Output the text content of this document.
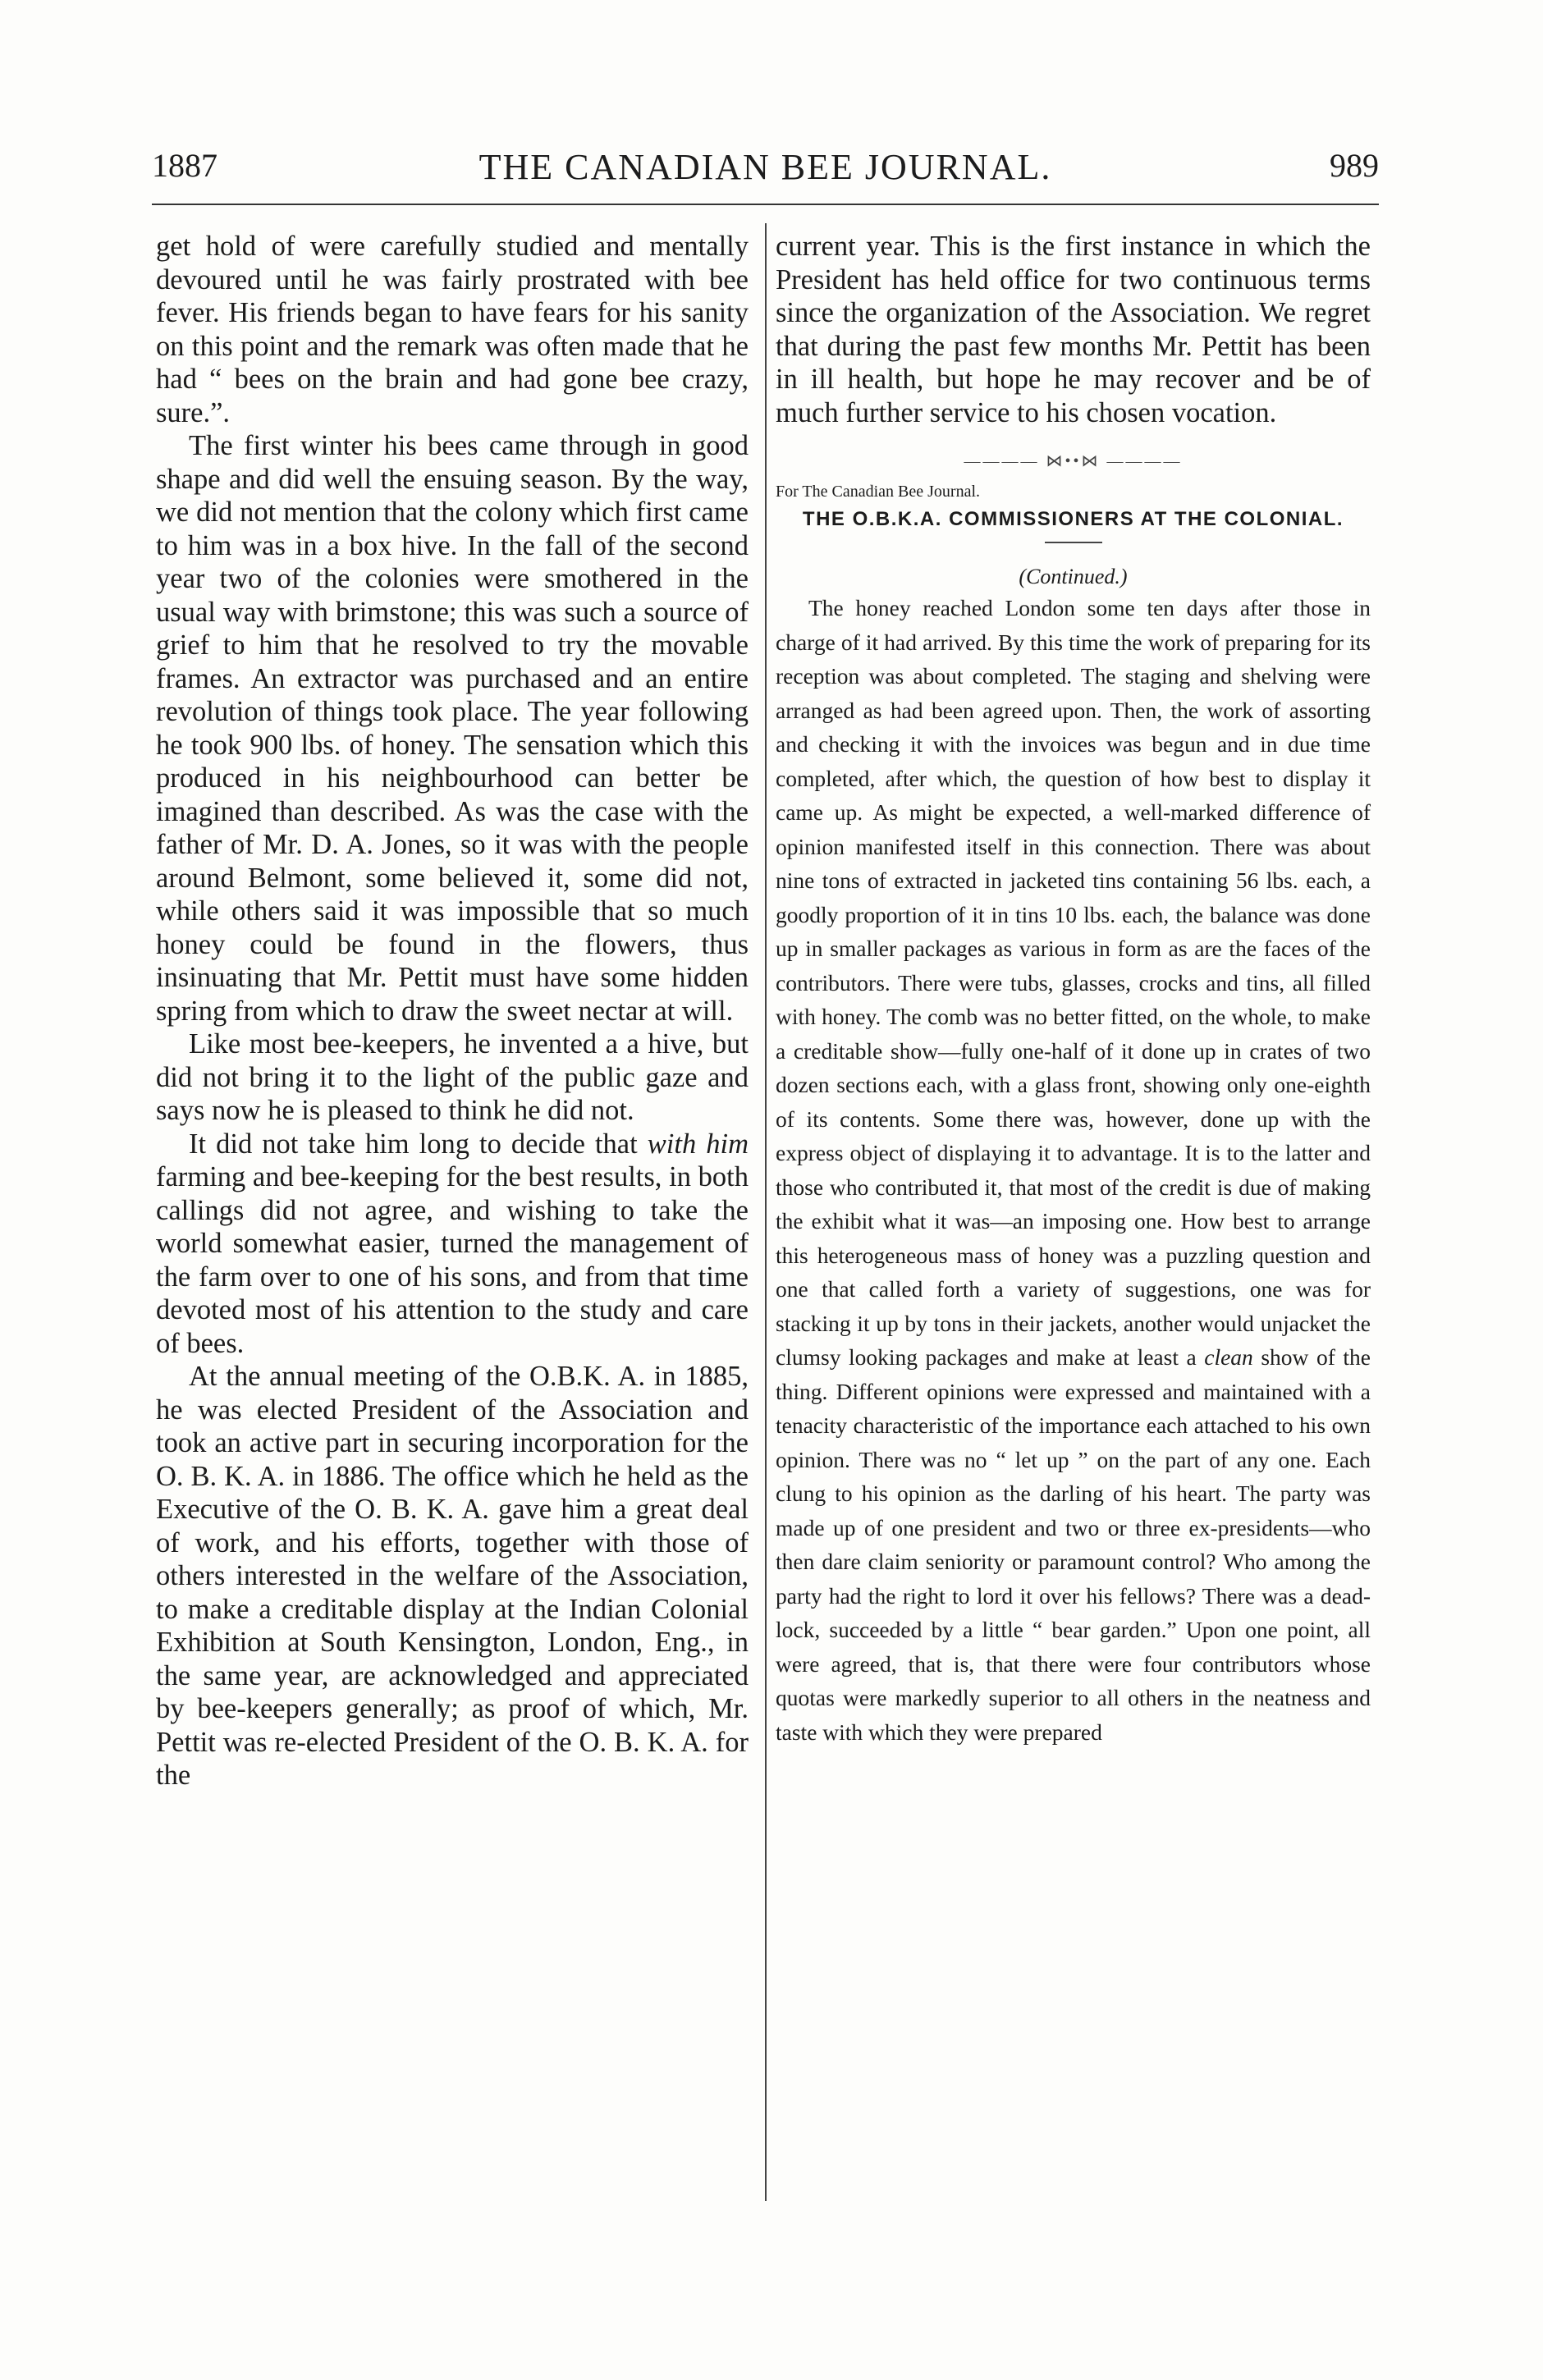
1887	THE CANADIAN BEE JOURNAL.	989

get hold of were carefully studied and mentally devoured until he was fairly prostrated with bee fever. His friends began to have fears for his sanity on this point and the remark was often made that he had “ bees on the brain and had gone bee crazy, sure.”.

The first winter his bees came through in good shape and did well the ensuing season. By the way, we did not mention that the colony which first came to him was in a box hive. In the fall of the second year two of the colonies were smothered in the usual way with brimstone; this was such a source of grief to him that he resolved to try the movable frames. An extractor was purchased and an entire revolution of things took place. The year following he took 900 lbs. of honey. The sensation which this produced in his neighbourhood can better be imagined than described. As was the case with the father of Mr. D. A. Jones, so it was with the people around Belmont, some believed it, some did not, while others said it was impossible that so much honey could be found in the flowers, thus insinuating that Mr. Pettit must have some hidden spring from which to draw the sweet nectar at will.

Like most bee-keepers, he invented a a hive, but did not bring it to the light of the public gaze and says now he is pleased to think he did not.

It did not take him long to decide that with him farming and bee-keeping for the best results, in both callings did not agree, and wishing to take the world somewhat easier, turned the management of the farm over to one of his sons, and from that time devoted most of his attention to the study and care of bees.

At the annual meeting of the O.B.K. A. in 1885, he was elected President of the Association and took an active part in securing incorporation for the O. B. K. A. in 1886. The office which he held as the Executive of the O. B. K. A. gave him a great deal of work, and his efforts, together with those of others interested in the welfare of the Association, to make a creditable display at the Indian Colonial Exhibition at South Kensington, London, Eng., in the same year, are acknowledged and appreciated by bee-keepers generally; as proof of which, Mr. Pettit was re-elected President of the O. B. K. A. for the

current year. This is the first instance in which the President has held office for two continuous terms since the organization of the Association. We regret that during the past few months Mr. Pettit has been in ill health, but hope he may recover and be of much further service to his chosen vocation.

———— ⋈••⋈ ————

For The Canadian Bee Journal.

THE O.B.K.A. COMMISSIONERS AT THE COLONIAL.

(Continued.)

The honey reached London some ten days after those in charge of it had arrived. By this time the work of preparing for its reception was about completed. The staging and shelving were arranged as had been agreed upon. Then, the work of assorting and checking it with the invoices was begun and in due time completed, after which, the question of how best to display it came up. As might be expected, a well-marked difference of opinion manifested itself in this connection. There was about nine tons of extracted in jacketed tins containing 56 lbs. each, a goodly proportion of it in tins 10 lbs. each, the balance was done up in smaller packages as various in form as are the faces of the contributors. There were tubs, glasses, crocks and tins, all filled with honey. The comb was no better fitted, on the whole, to make a creditable show—fully one-half of it done up in crates of two dozen sections each, with a glass front, showing only one-eighth of its contents. Some there was, however, done up with the express object of displaying it to advantage. It is to the latter and those who contributed it, that most of the credit is due of making the exhibit what it was—an imposing one. How best to arrange this heterogeneous mass of honey was a puzzling question and one that called forth a variety of suggestions, one was for stacking it up by tons in their jackets, another would unjacket the clumsy looking packages and make at least a clean show of the thing. Different opinions were expressed and maintained with a tenacity characteristic of the importance each attached to his own opinion. There was no “ let up ” on the part of any one. Each clung to his opinion as the darling of his heart. The party was made up of one president and two or three ex-presidents—who then dare claim seniority or paramount control? Who among the party had the right to lord it over his fellows? There was a dead-lock, succeeded by a little “ bear garden.” Upon one point, all were agreed, that is, that there were four contributors whose quotas were markedly superior to all others in the neatness and taste with which they were prepared
